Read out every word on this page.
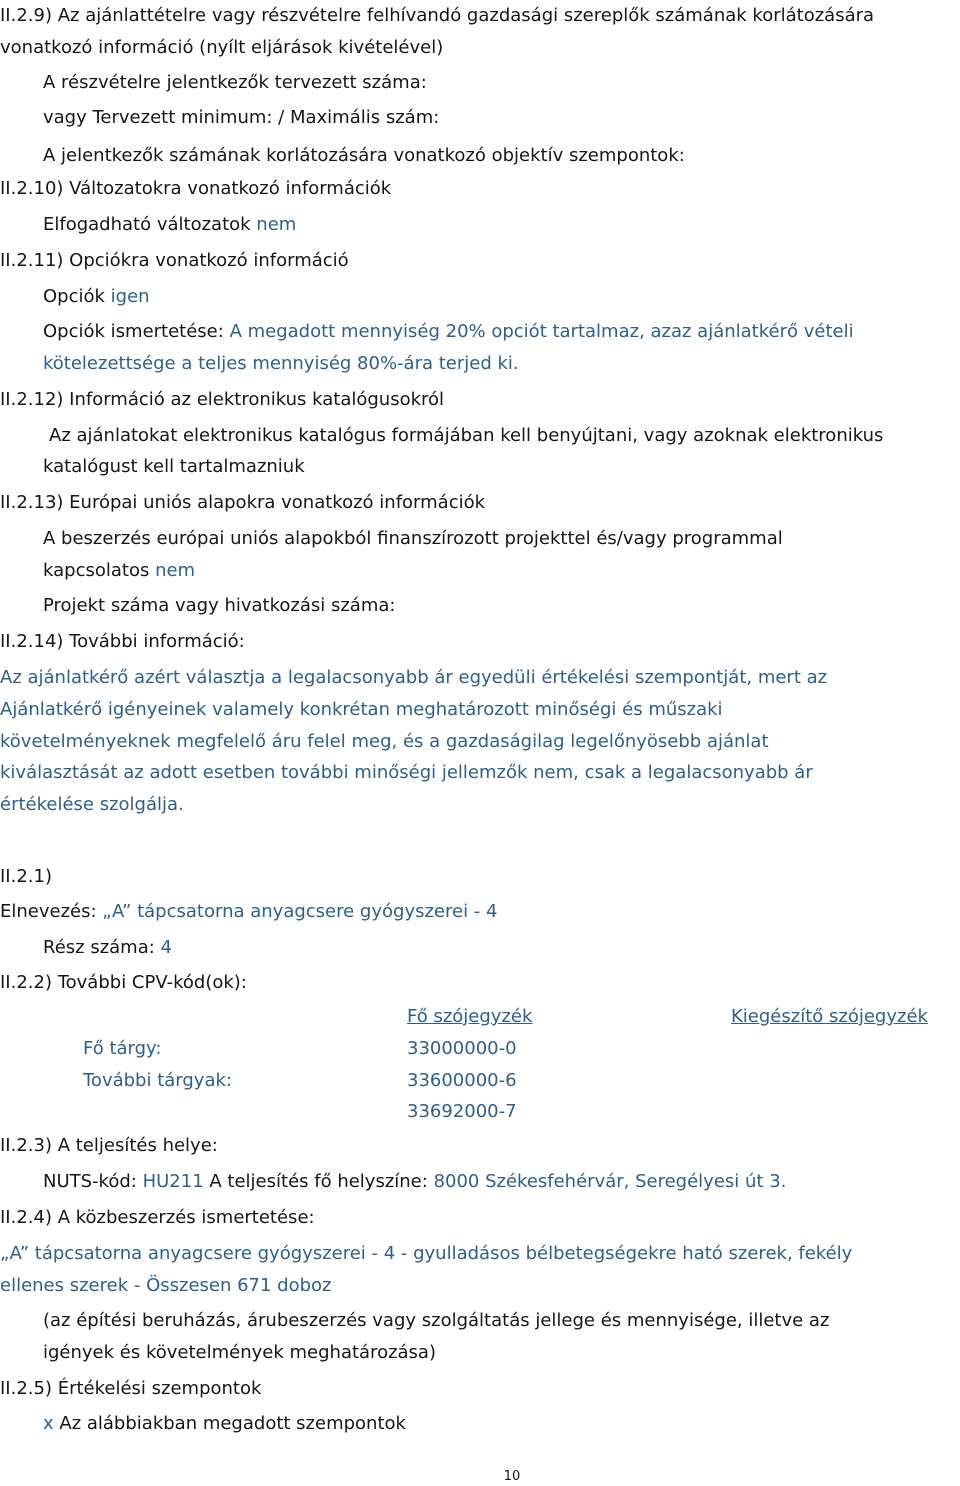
II.2.9) Az ajánlattételre vagy részvételre felhívandó gazdasági szereplők számának korlátozására
vonatkozó információ (nyílt eljárások kivételével)
A részvételre jelentkezők tervezett száma:
vagy Tervezett minimum: / Maximális szám:
A jelentkezők számának korlátozására vonatkozó objektív szempontok:
II.2.10) Változatokra vonatkozó információk
Elfogadható változatok nem
II.2.11) Opciókra vonatkozó információ
Opciók igen
Opciók ismertetése: A megadott mennyiség 20% opciót tartalmaz, azaz ajánlatkérő vételi
kötelezettsége a teljes mennyiség 80%-ára terjed ki.
II.2.12) Információ az elektronikus katalógusokról
Az ajánlatokat elektronikus katalógus formájában kell benyújtani, vagy azoknak elektronikus
katalógust kell tartalmazniuk
II.2.13) Európai uniós alapokra vonatkozó információk
A beszerzés európai uniós alapokból finanszírozott projekttel és/vagy programmal
kapcsolatos nem
Projekt száma vagy hivatkozási száma:
II.2.14) További információ:
Az ajánlatkérő azért választja a legalacsonyabb ár egyedüli értékelési szempontját, mert az
Ajánlatkérő igényeinek valamely konkrétan meghatározott minőségi és műszaki
követelményeknek megfelelő áru felel meg, és a gazdaságilag legelőnyösebb ajánlat
kiválasztását az adott esetben további minőségi jellemzők nem, csak a legalacsonyabb ár
értékelése szolgálja.
II.2.1)
Elnevezés: „A” tápcsatorna anyagcsere gyógyszerei - 4
Rész száma: 4
II.2.2) További CPV-kód(ok):
Fő szójegyzék	Kiegészítő szójegyzék
Fő tárgy:	33000000-0
További tárgyak:	33600000-6
33692000-7
II.2.3) A teljesítés helye:
NUTS-kód: HU211 A teljesítés fő helyszíne: 8000 Székesfehérvár, Seregélyesi út 3.
II.2.4) A közbeszerzés ismertetése:
„A” tápcsatorna anyagcsere gyógyszerei - 4 - gyulladásos bélbetegségekre ható szerek, fekély
ellenes szerek - Összesen 671 doboz
(az építési beruházás, árubeszerzés vagy szolgáltatás jellege és mennyisége, illetve az
igények és követelmények meghatározása)
II.2.5) Értékelési szempontok
x Az alábbiakban megadott szempontok
10
